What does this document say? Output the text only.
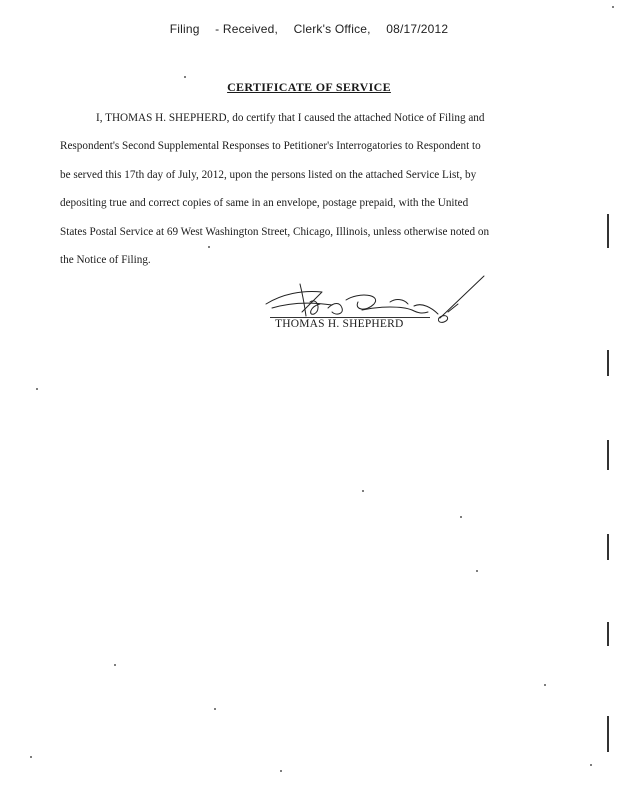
Filing - Received, Clerk's Office, 08/17/2012
CERTIFICATE OF SERVICE
I, THOMAS H. SHEPHERD, do certify that I caused the attached Notice of Filing and
Respondent's Second Supplemental Responses to Petitioner's Interrogatories to Respondent to
be served this 17th day of July, 2012, upon the persons listed on the attached Service List, by
depositing true and correct copies of same in an envelope, postage prepaid, with the United
States Postal Service at 69 West Washington Street, Chicago, Illinois, unless otherwise noted on
the Notice of Filing.
THOMAS H. SHEPHERD
